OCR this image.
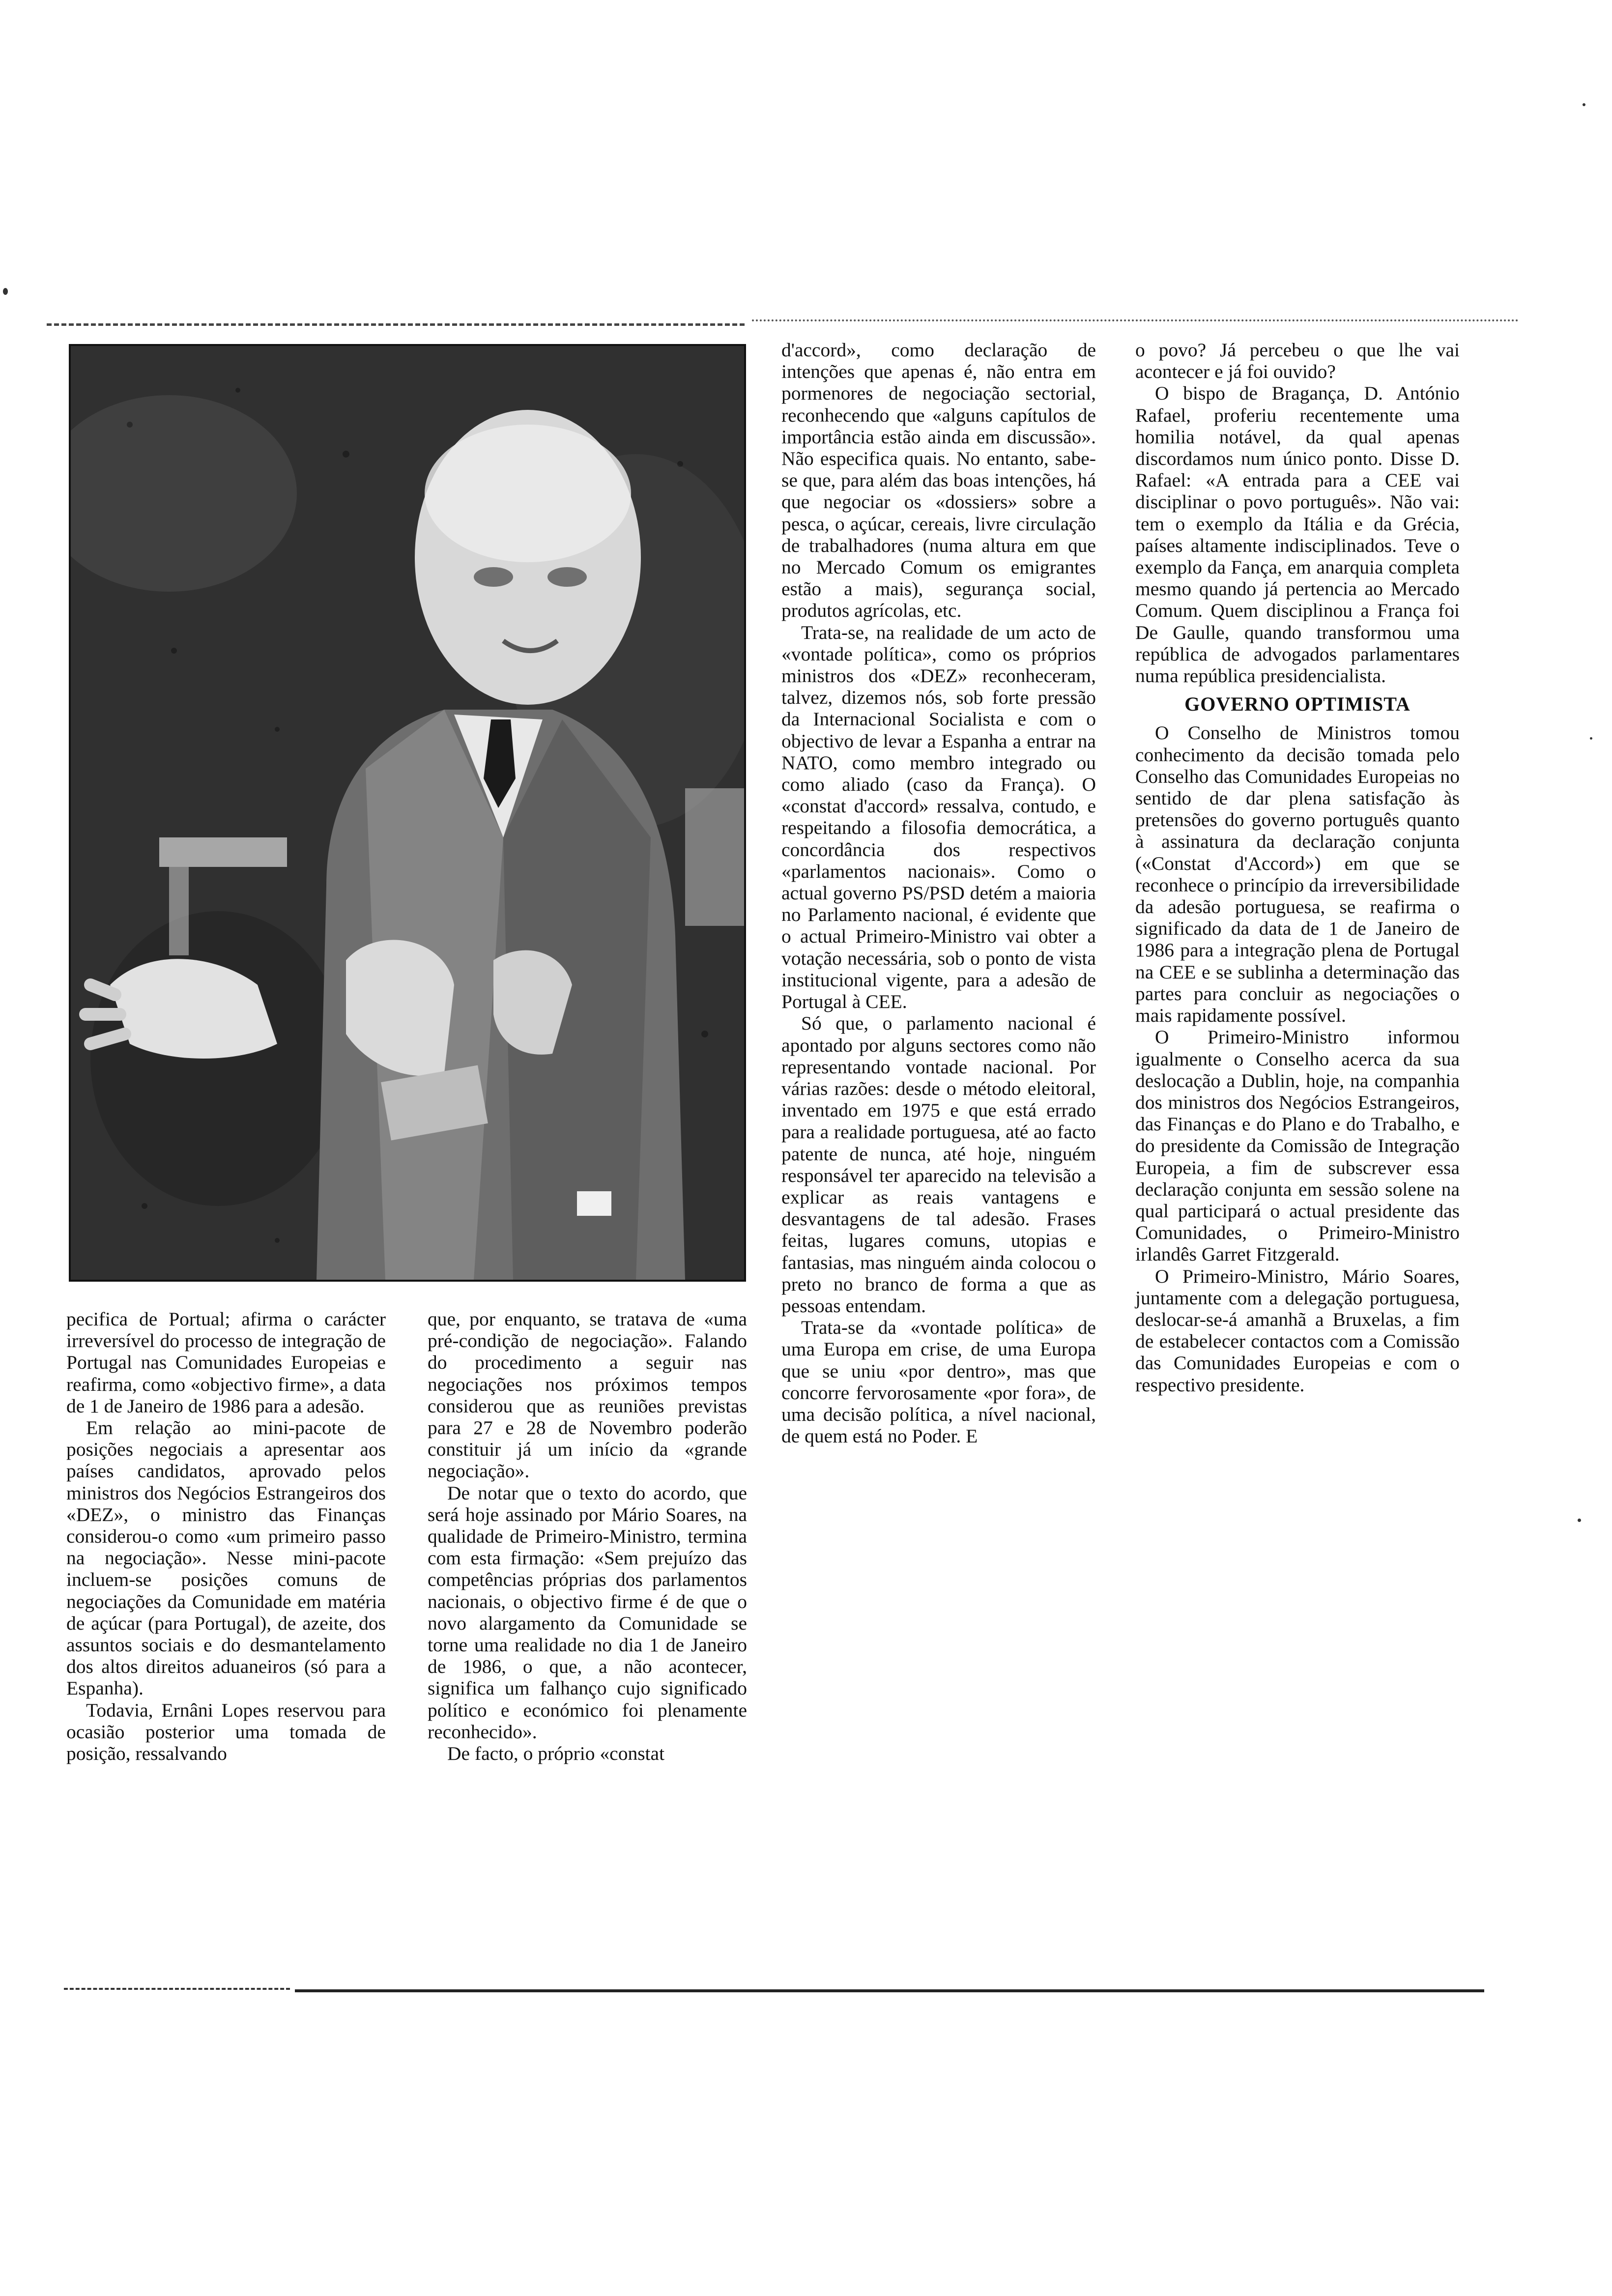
pecifica de Portual; afirma o carácter irreversível do processo de integração de Portugal nas Comunidades Europeias e reafirma, como «objectivo firme», a data de 1 de Janeiro de 1986 para a adesão.

Em relação ao mini-pacote de posições negociais a apresentar aos países candidatos, aprovado pelos ministros dos Negócios Estrangeiros dos «DEZ», o ministro das Finanças considerou-o como «um primeiro passo na negociação». Nesse mini-pacote incluem-se posições comuns de negociações da Comunidade em matéria de açúcar (para Portugal), de azeite, dos assuntos sociais e do desmantelamento dos altos direitos aduaneiros (só para a Espanha).

Todavia, Ernâni Lopes reservou para ocasião posterior uma tomada de posição, ressalvando

que, por enquanto, se tratava de «uma pré-condição de negociação». Falando do procedimento a seguir nas negociações nos próximos tempos considerou que as reuniões previstas para 27 e 28 de Novembro poderão constituir já um início da «grande negociação».

De notar que o texto do acordo, que será hoje assinado por Mário Soares, na qualidade de Primeiro-Ministro, termina com esta firmação: «Sem prejuízo das competências próprias dos parlamentos nacionais, o objectivo firme é de que o novo alargamento da Comunidade se torne uma realidade no dia 1 de Janeiro de 1986, o que, a não acontecer, significa um falhanço cujo significado político e económico foi plenamente reconhecido».

De facto, o próprio «constat

d'accord», como declaração de intenções que apenas é, não entra em pormenores de negociação sectorial, reconhecendo que «alguns capítulos de importância estão ainda em discussão». Não especifica quais. No entanto, sabe-se que, para além das boas intenções, há que negociar os «dossiers» sobre a pesca, o açúcar, cereais, livre circulação de trabalhadores (numa altura em que no Mercado Comum os emigrantes estão a mais), segurança social, produtos agrícolas, etc.

Trata-se, na realidade de um acto de «vontade política», como os próprios ministros dos «DEZ» reconheceram, talvez, dizemos nós, sob forte pressão da Internacional Socialista e com o objectivo de levar a Espanha a entrar na NATO, como membro integrado ou como aliado (caso da França). O «constat d'accord» ressalva, contudo, e respeitando a filosofia democrática, a concordância dos respectivos «parlamentos nacionais». Como o actual governo PS/PSD detém a maioria no Parlamento nacional, é evidente que o actual Primeiro-Ministro vai obter a votação necessária, sob o ponto de vista institucional vigente, para a adesão de Portugal à CEE.

Só que, o parlamento nacional é apontado por alguns sectores como não representando vontade nacional. Por várias razões: desde o método eleitoral, inventado em 1975 e que está errado para a realidade portuguesa, até ao facto patente de nunca, até hoje, ninguém responsável ter aparecido na televisão a explicar as reais vantagens e desvantagens de tal adesão. Frases feitas, lugares comuns, utopias e fantasias, mas ninguém ainda colocou o preto no branco de forma a que as pessoas entendam.

Trata-se da «vontade política» de uma Europa em crise, de uma Europa que se uniu «por dentro», mas que concorre fervorosamente «por fora», de uma decisão política, a nível nacional, de quem está no Poder. E

o povo? Já percebeu o que lhe vai acontecer e já foi ouvido?

O bispo de Bragança, D. António Rafael, proferiu recentemente uma homilia notável, da qual apenas discordamos num único ponto. Disse D. Rafael: «A entrada para a CEE vai disciplinar o povo português». Não vai: tem o exemplo da Itália e da Grécia, países altamente indisciplinados. Teve o exemplo da Fança, em anarquia completa mesmo quando já pertencia ao Mercado Comum. Quem disciplinou a França foi De Gaulle, quando transformou uma república de advogados parlamentares numa república presidencialista.

GOVERNO OPTIMISTA

O Conselho de Ministros tomou conhecimento da decisão tomada pelo Conselho das Comunidades Europeias no sentido de dar plena satisfação às pretensões do governo português quanto à assinatura da declaração conjunta («Constat d'Accord») em que se reconhece o princípio da irreversibilidade da adesão portuguesa, se reafirma o significado da data de 1 de Janeiro de 1986 para a integração plena de Portugal na CEE e se sublinha a determinação das partes para concluir as negociações o mais rapidamente possível.

O Primeiro-Ministro informou igualmente o Conselho acerca da sua deslocação a Dublin, hoje, na companhia dos ministros dos Negócios Estrangeiros, das Finanças e do Plano e do Trabalho, e do presidente da Comissão de Integração Europeia, a fim de subscrever essa declaração conjunta em sessão solene na qual participará o actual presidente das Comunidades, o Primeiro-Ministro irlandês Garret Fitzgerald.

O Primeiro-Ministro, Mário Soares, juntamente com a delegação portuguesa, deslocar-se-á amanhã a Bruxelas, a fim de estabelecer contactos com a Comissão das Comunidades Europeias e com o respectivo presidente.
